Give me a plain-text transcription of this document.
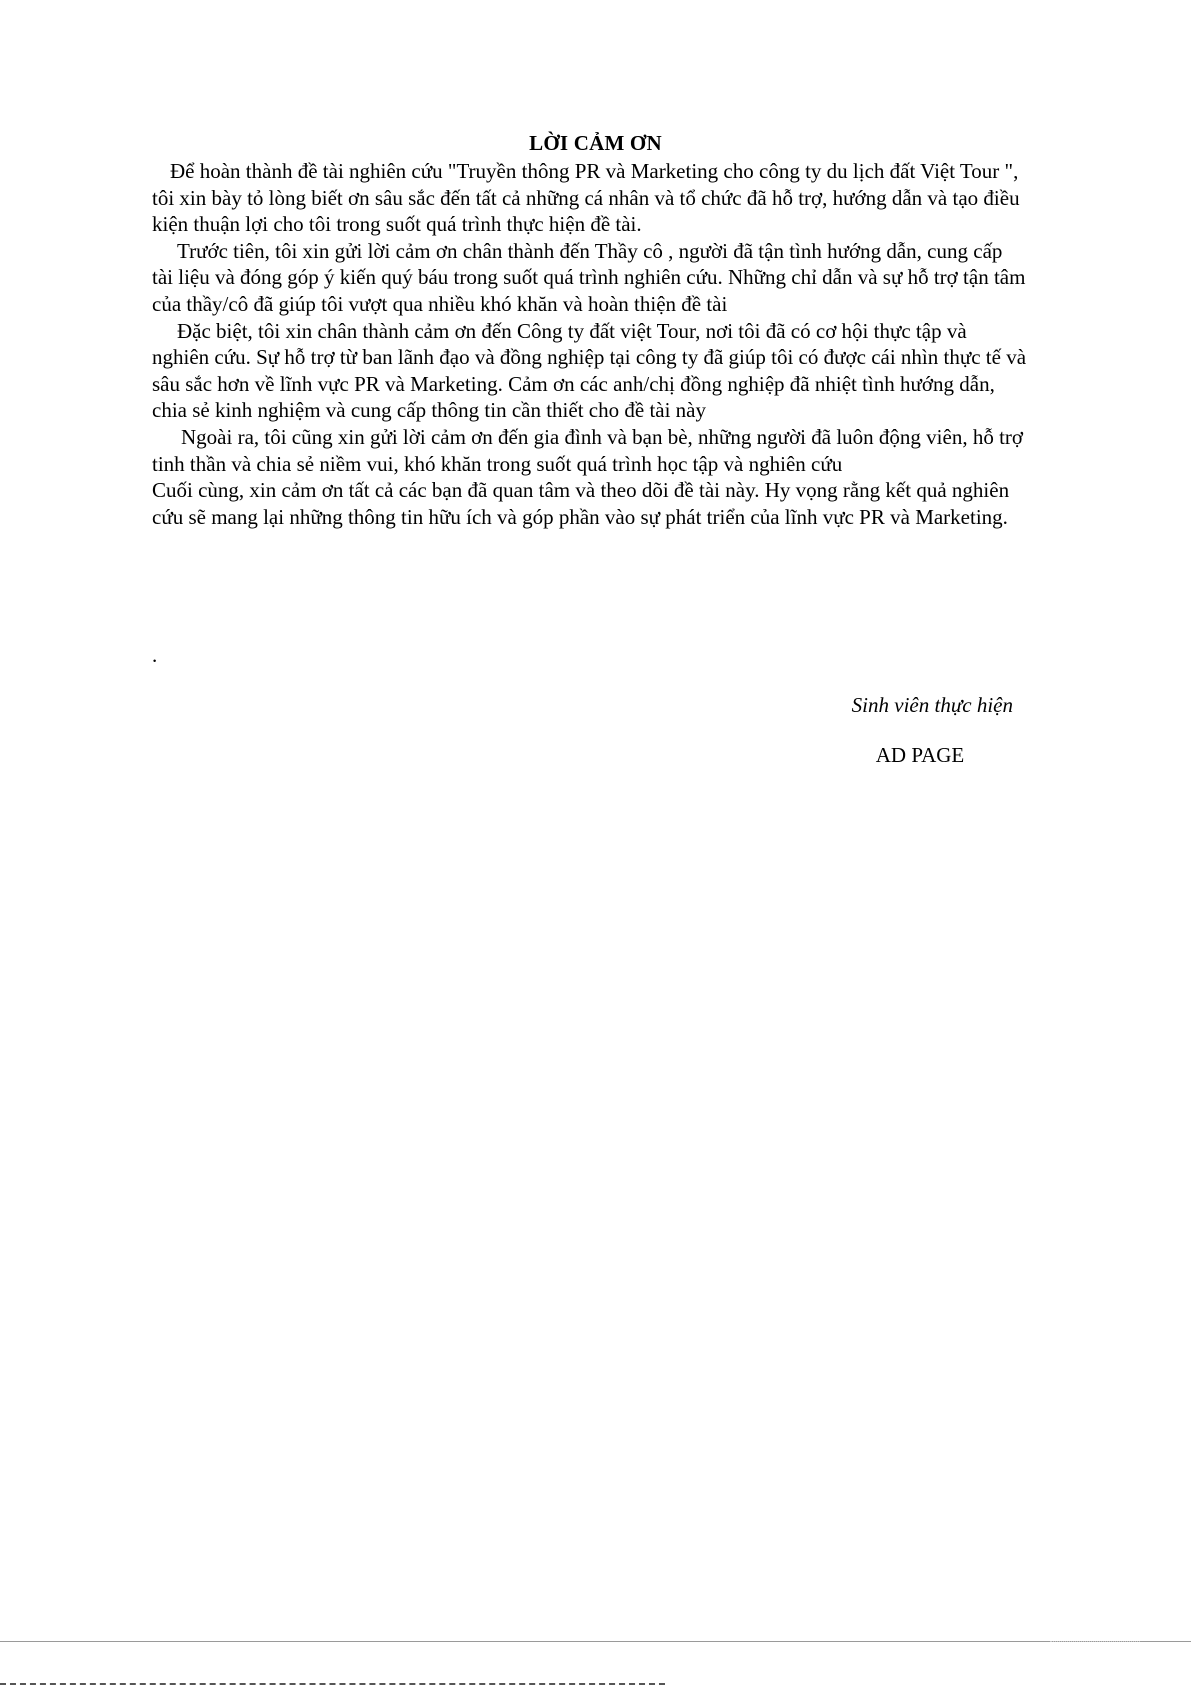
LỜI CẢM ƠN

Để hoàn thành đề tài nghiên cứu "Truyền thông PR và Marketing cho công ty du lịch đất Việt Tour ", tôi xin bày tỏ lòng biết ơn sâu sắc đến tất cả những cá nhân và tổ chức đã hỗ trợ, hướng dẫn và tạo điều kiện thuận lợi cho tôi trong suốt quá trình thực hiện đề tài.

Trước tiên, tôi xin gửi lời cảm ơn chân thành đến Thầy cô , người đã tận tình hướng dẫn, cung cấp tài liệu và đóng góp ý kiến quý báu trong suốt quá trình nghiên cứu. Những chỉ dẫn và sự hỗ trợ tận tâm của thầy/cô đã giúp tôi vượt qua nhiều khó khăn và hoàn thiện đề tài

Đặc biệt, tôi xin chân thành cảm ơn đến Công ty đất việt Tour, nơi tôi đã có cơ hội thực tập và nghiên cứu. Sự hỗ trợ từ ban lãnh đạo và đồng nghiệp tại công ty đã giúp tôi có được cái nhìn thực tế và sâu sắc hơn về lĩnh vực PR và Marketing. Cảm ơn các anh/chị đồng nghiệp đã nhiệt tình hướng dẫn, chia sẻ kinh nghiệm và cung cấp thông tin cần thiết cho đề tài này

Ngoài ra, tôi cũng xin gửi lời cảm ơn đến gia đình và bạn bè, những người đã luôn động viên, hỗ trợ tinh thần và chia sẻ niềm vui, khó khăn trong suốt quá trình học tập và nghiên cứu

Cuối cùng, xin cảm ơn tất cả các bạn đã quan tâm và theo dõi đề tài này. Hy vọng rằng kết quả nghiên cứu sẽ mang lại những thông tin hữu ích và góp phần vào sự phát triển của lĩnh vực PR và Marketing.

.
Sinh viên thực hiện
AD PAGE
